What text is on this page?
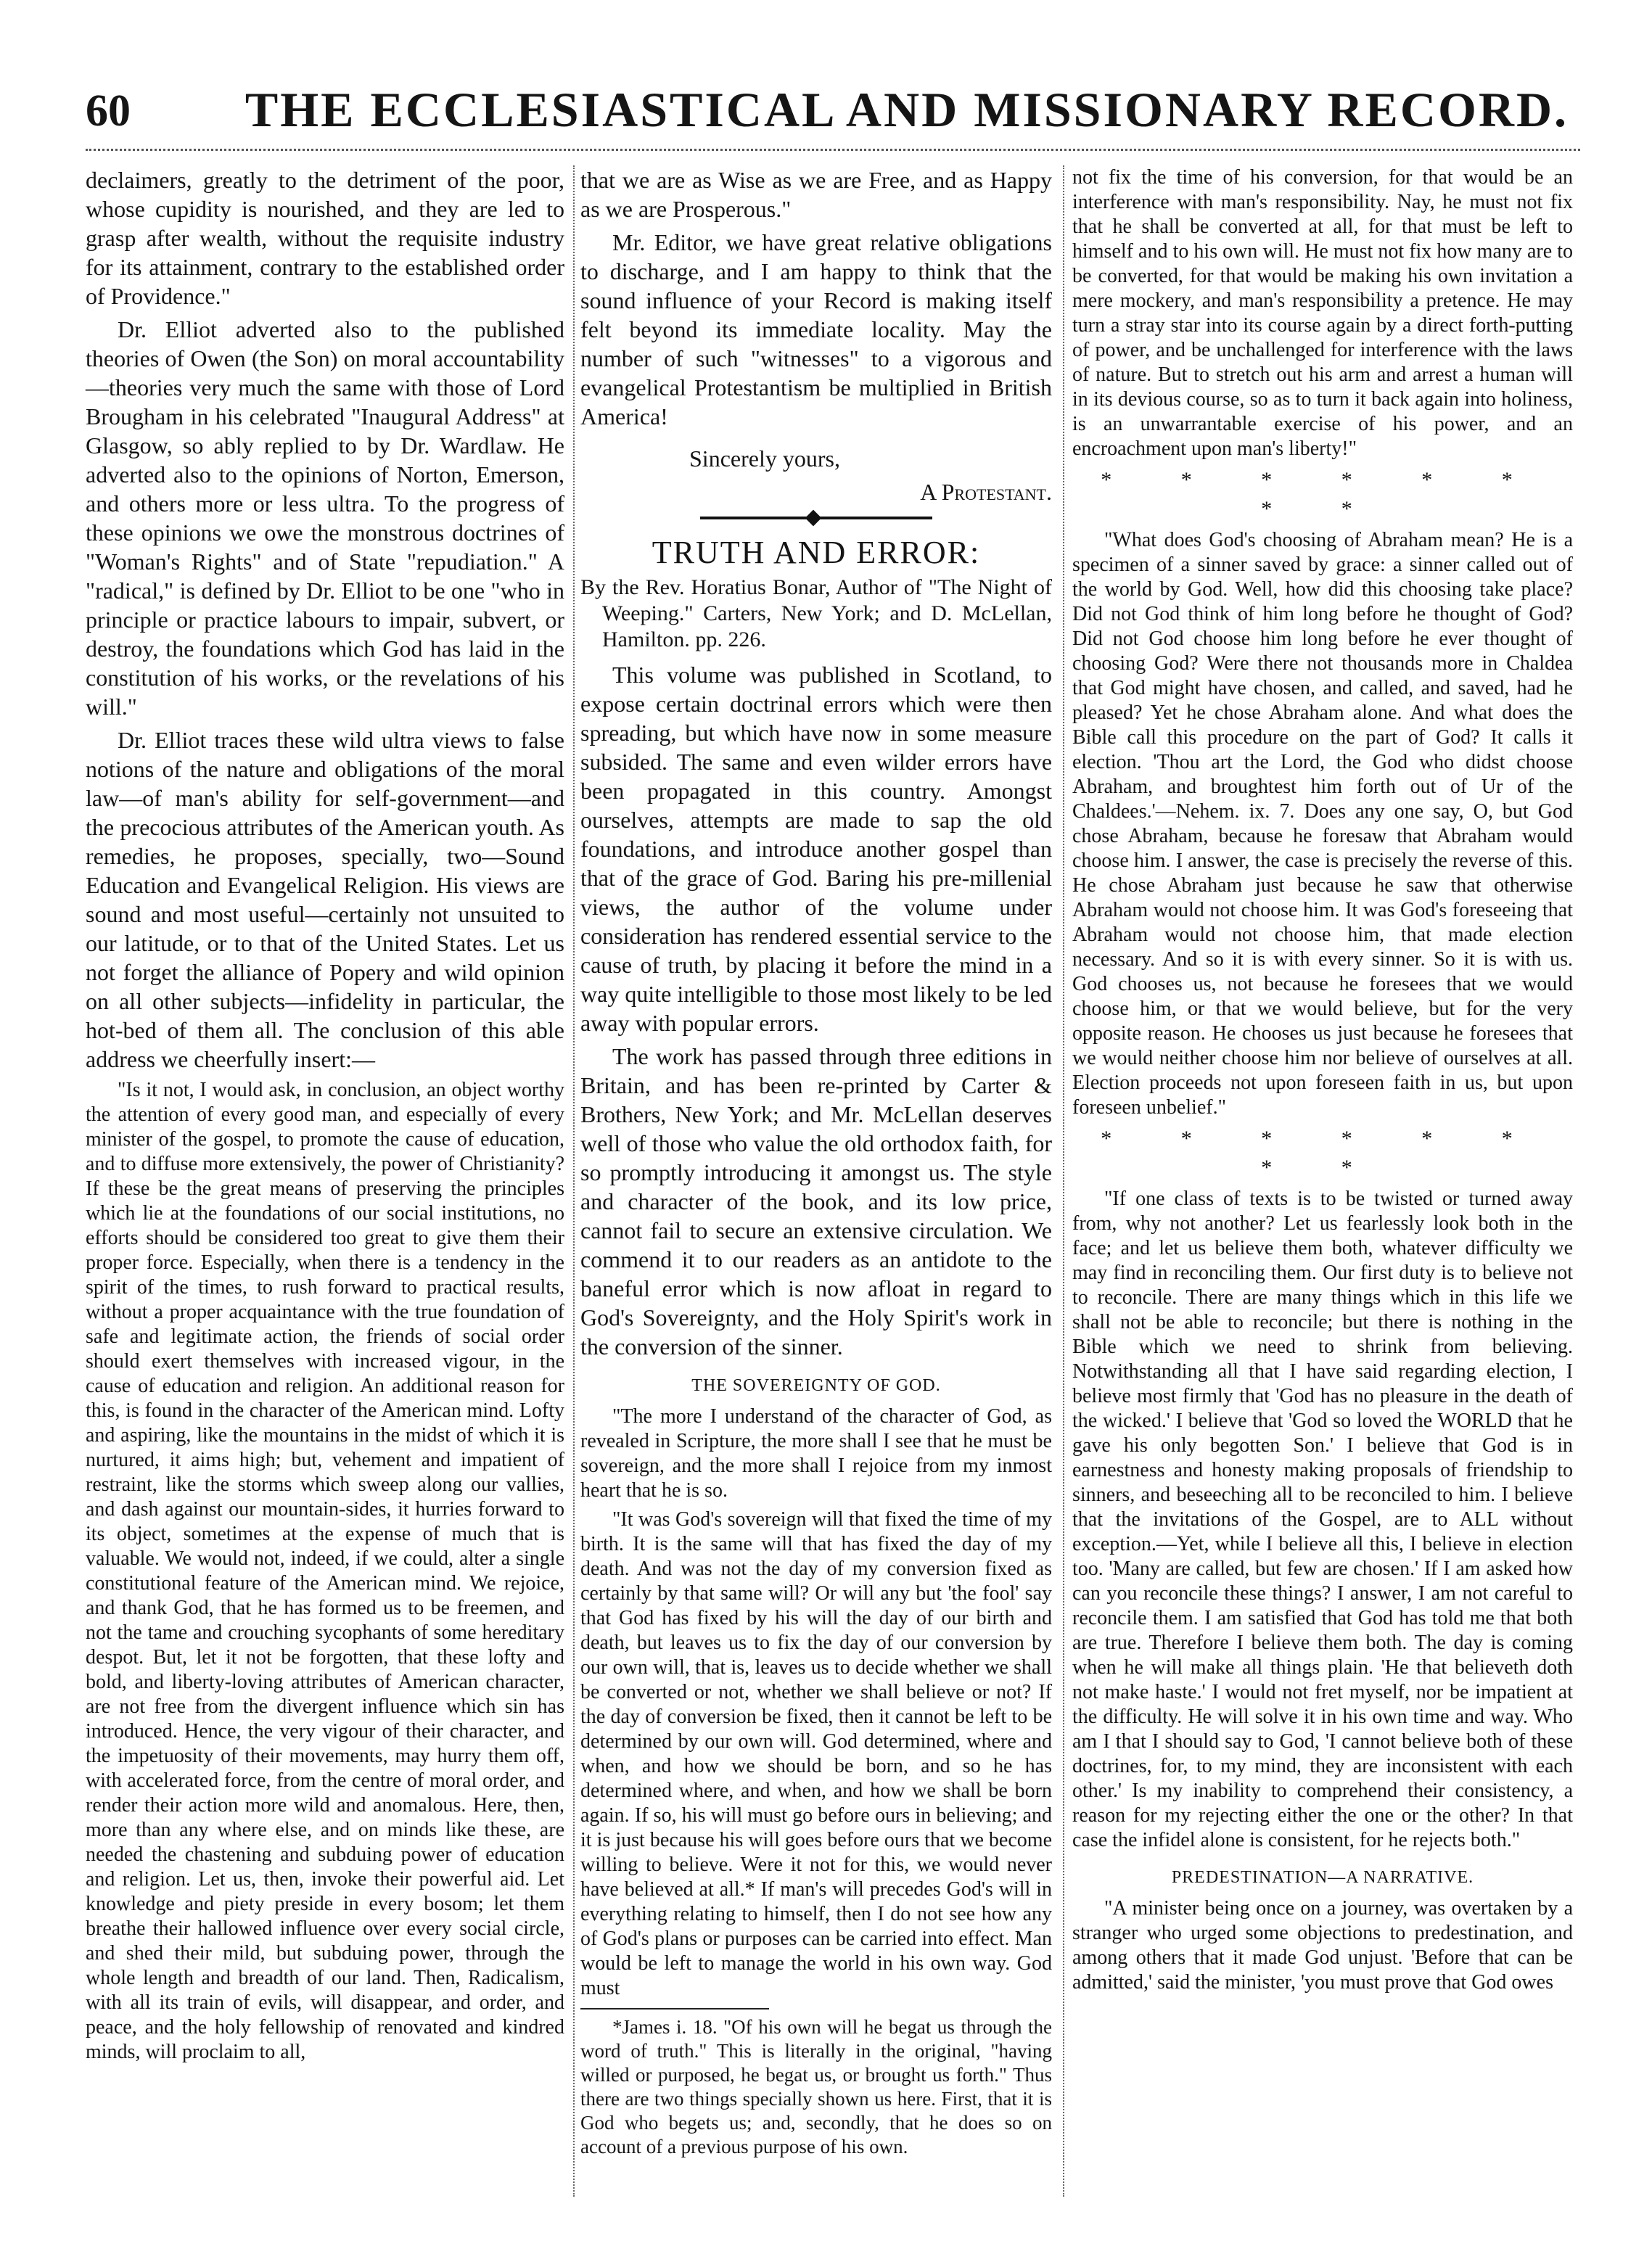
60 THE ECCLESIASTICAL AND MISSIONARY RECORD.

declaimers, greatly to the detriment of the poor, whose cupidity is nourished, and they are led to grasp after wealth, without the requisite industry for its attainment, contrary to the established order of Providence."

Dr. Elliot adverted also to the published theories of Owen (the Son) on moral accountability—theories very much the same with those of Lord Brougham in his celebrated "Inaugural Address" at Glasgow, so ably replied to by Dr. Wardlaw. He adverted also to the opinions of Norton, Emerson, and others more or less ultra. To the progress of these opinions we owe the monstrous doctrines of "Woman's Rights" and of State "repudiation." A "radical," is defined by Dr. Elliot to be one "who in principle or practice labours to impair, subvert, or destroy, the foundations which God has laid in the constitution of his works, or the revelations of his will."

Dr. Elliot traces these wild ultra views to false notions of the nature and obligations of the moral law—of man's ability for self-government—and the precocious attributes of the American youth. As remedies, he proposes, specially, two—Sound Education and Evangelical Religion. His views are sound and most useful—certainly not unsuited to our latitude, or to that of the United States. Let us not forget the alliance of Popery and wild opinion on all other subjects—infidelity in particular, the hot-bed of them all. The conclusion of this able address we cheerfully insert:—

"Is it not, I would ask, in conclusion, an object worthy the attention of every good man, and especially of every minister of the gospel, to promote the cause of education, and to diffuse more extensively, the power of Christianity? If these be the great means of preserving the principles which lie at the foundations of our social institutions, no efforts should be considered too great to give them their proper force. Especially, when there is a tendency in the spirit of the times, to rush forward to practical results, without a proper acquaintance with the true foundation of safe and legitimate action, the friends of social order should exert themselves with increased vigour, in the cause of education and religion. An additional reason for this, is found in the character of the American mind. Lofty and aspiring, like the mountains in the midst of which it is nurtured, it aims high; but, vehement and impatient of restraint, like the storms which sweep along our vallies, and dash against our mountain-sides, it hurries forward to its object, sometimes at the expense of much that is valuable. We would not, indeed, if we could, alter a single constitutional feature of the American mind. We rejoice, and thank God, that he has formed us to be freemen, and not the tame and crouching sycophants of some hereditary despot. But, let it not be forgotten, that these lofty and bold, and liberty-loving attributes of American character, are not free from the divergent influence which sin has introduced. Hence, the very vigour of their character, and the impetuosity of their movements, may hurry them off, with accelerated force, from the centre of moral order, and render their action more wild and anomalous. Here, then, more than any where else, and on minds like these, are needed the chastening and subduing power of education and religion. Let us, then, invoke their powerful aid. Let knowledge and piety preside in every bosom; let them breathe their hallowed influence over every social circle, and shed their mild, but subduing power, through the whole length and breadth of our land. Then, Radicalism, with all its train of evils, will disappear, and order, and peace, and the holy fellowship of renovated and kindred minds, will proclaim to all,

that we are as Wise as we are Free, and as Happy as we are Prosperous."

Mr. Editor, we have great relative obligations to discharge, and I am happy to think that the sound influence of your Record is making itself felt beyond its immediate locality. May the number of such "witnesses" to a vigorous and evangelical Protestantism be multiplied in British America!

Sincerely yours,

A Protestant.

TRUTH AND ERROR:

By the Rev. Horatius Bonar, Author of "The Night of Weeping." Carters, New York; and D. McLellan, Hamilton. pp. 226.

This volume was published in Scotland, to expose certain doctrinal errors which were then spreading, but which have now in some measure subsided. The same and even wilder errors have been propagated in this country. Amongst ourselves, attempts are made to sap the old foundations, and introduce another gospel than that of the grace of God. Baring his pre-millenial views, the author of the volume under consideration has rendered essential service to the cause of truth, by placing it before the mind in a way quite intelligible to those most likely to be led away with popular errors.

The work has passed through three editions in Britain, and has been re-printed by Carter & Brothers, New York; and Mr. McLellan deserves well of those who value the old orthodox faith, for so promptly introducing it amongst us. The style and character of the book, and its low price, cannot fail to secure an extensive circulation. We commend it to our readers as an antidote to the baneful error which is now afloat in regard to God's Sovereignty, and the Holy Spirit's work in the conversion of the sinner.

THE SOVEREIGNTY OF GOD.

"The more I understand of the character of God, as revealed in Scripture, the more shall I see that he must be sovereign, and the more shall I rejoice from my inmost heart that he is so.

"It was God's sovereign will that fixed the time of my birth. It is the same will that has fixed the day of my death. And was not the day of my conversion fixed as certainly by that same will? Or will any but 'the fool' say that God has fixed by his will the day of our birth and death, but leaves us to fix the day of our conversion by our own will, that is, leaves us to decide whether we shall be converted or not, whether we shall believe or not? If the day of conversion be fixed, then it cannot be left to be determined by our own will. God determined, where and when, and how we should be born, and so he has determined where, and when, and how we shall be born again. If so, his will must go before ours in believing; and it is just because his will goes before ours that we become willing to believe. Were it not for this, we would never have believed at all.* If man's will precedes God's will in everything relating to himself, then I do not see how any of God's plans or purposes can be carried into effect. Man would be left to manage the world in his own way. God must

*James i. 18. "Of his own will he begat us through the word of truth." This is literally in the original, "having willed or purposed, he begat us, or brought us forth." Thus there are two things specially shown us here. First, that it is God who begets us; and, secondly, that he does so on account of a previous purpose of his own.

not fix the time of his conversion, for that would be an interference with man's responsibility. Nay, he must not fix that he shall be converted at all, for that must be left to himself and to his own will. He must not fix how many are to be converted, for that would be making his own invitation a mere mockery, and man's responsibility a pretence. He may turn a stray star into its course again by a direct forth-putting of power, and be unchallenged for interference with the laws of nature. But to stretch out his arm and arrest a human will in its devious course, so as to turn it back again into holiness, is an unwarrantable exercise of his power, and an encroachment upon man's liberty!"

* * * * * * * *

"What does God's choosing of Abraham mean? He is a specimen of a sinner saved by grace: a sinner called out of the world by God. Well, how did this choosing take place? Did not God think of him long before he thought of God? Did not God choose him long before he ever thought of choosing God? Were there not thousands more in Chaldea that God might have chosen, and called, and saved, had he pleased? Yet he chose Abraham alone. And what does the Bible call this procedure on the part of God? It calls it election. 'Thou art the Lord, the God who didst choose Abraham, and broughtest him forth out of Ur of the Chaldees.'—Nehem. ix. 7. Does any one say, O, but God chose Abraham, because he foresaw that Abraham would choose him. I answer, the case is precisely the reverse of this. He chose Abraham just because he saw that otherwise Abraham would not choose him. It was God's foreseeing that Abraham would not choose him, that made election necessary. And so it is with every sinner. So it is with us. God chooses us, not because he foresees that we would choose him, or that we would believe, but for the very opposite reason. He chooses us just because he foresees that we would neither choose him nor believe of ourselves at all. Election proceeds not upon foreseen faith in us, but upon foreseen unbelief."

* * * * * * * *

"If one class of texts is to be twisted or turned away from, why not another? Let us fearlessly look both in the face; and let us believe them both, whatever difficulty we may find in reconciling them. Our first duty is to believe not to reconcile. There are many things which in this life we shall not be able to reconcile; but there is nothing in the Bible which we need to shrink from believing. Notwithstanding all that I have said regarding election, I believe most firmly that 'God has no pleasure in the death of the wicked.' I believe that 'God so loved the WORLD that he gave his only begotten Son.' I believe that God is in earnestness and honesty making proposals of friendship to sinners, and beseeching all to be reconciled to him. I believe that the invitations of the Gospel, are to ALL without exception.—Yet, while I believe all this, I believe in election too. 'Many are called, but few are chosen.' If I am asked how can you reconcile these things? I answer, I am not careful to reconcile them. I am satisfied that God has told me that both are true. Therefore I believe them both. The day is coming when he will make all things plain. 'He that believeth doth not make haste.' I would not fret myself, nor be impatient at the difficulty. He will solve it in his own time and way. Who am I that I should say to God, 'I cannot believe both of these doctrines, for, to my mind, they are inconsistent with each other.' Is my inability to comprehend their consistency, a reason for my rejecting either the one or the other? In that case the infidel alone is consistent, for he rejects both."

PREDESTINATION—A NARRATIVE.

"A minister being once on a journey, was overtaken by a stranger who urged some objections to predestination, and among others that it made God unjust. 'Before that can be admitted,' said the minister, 'you must prove that God owes
